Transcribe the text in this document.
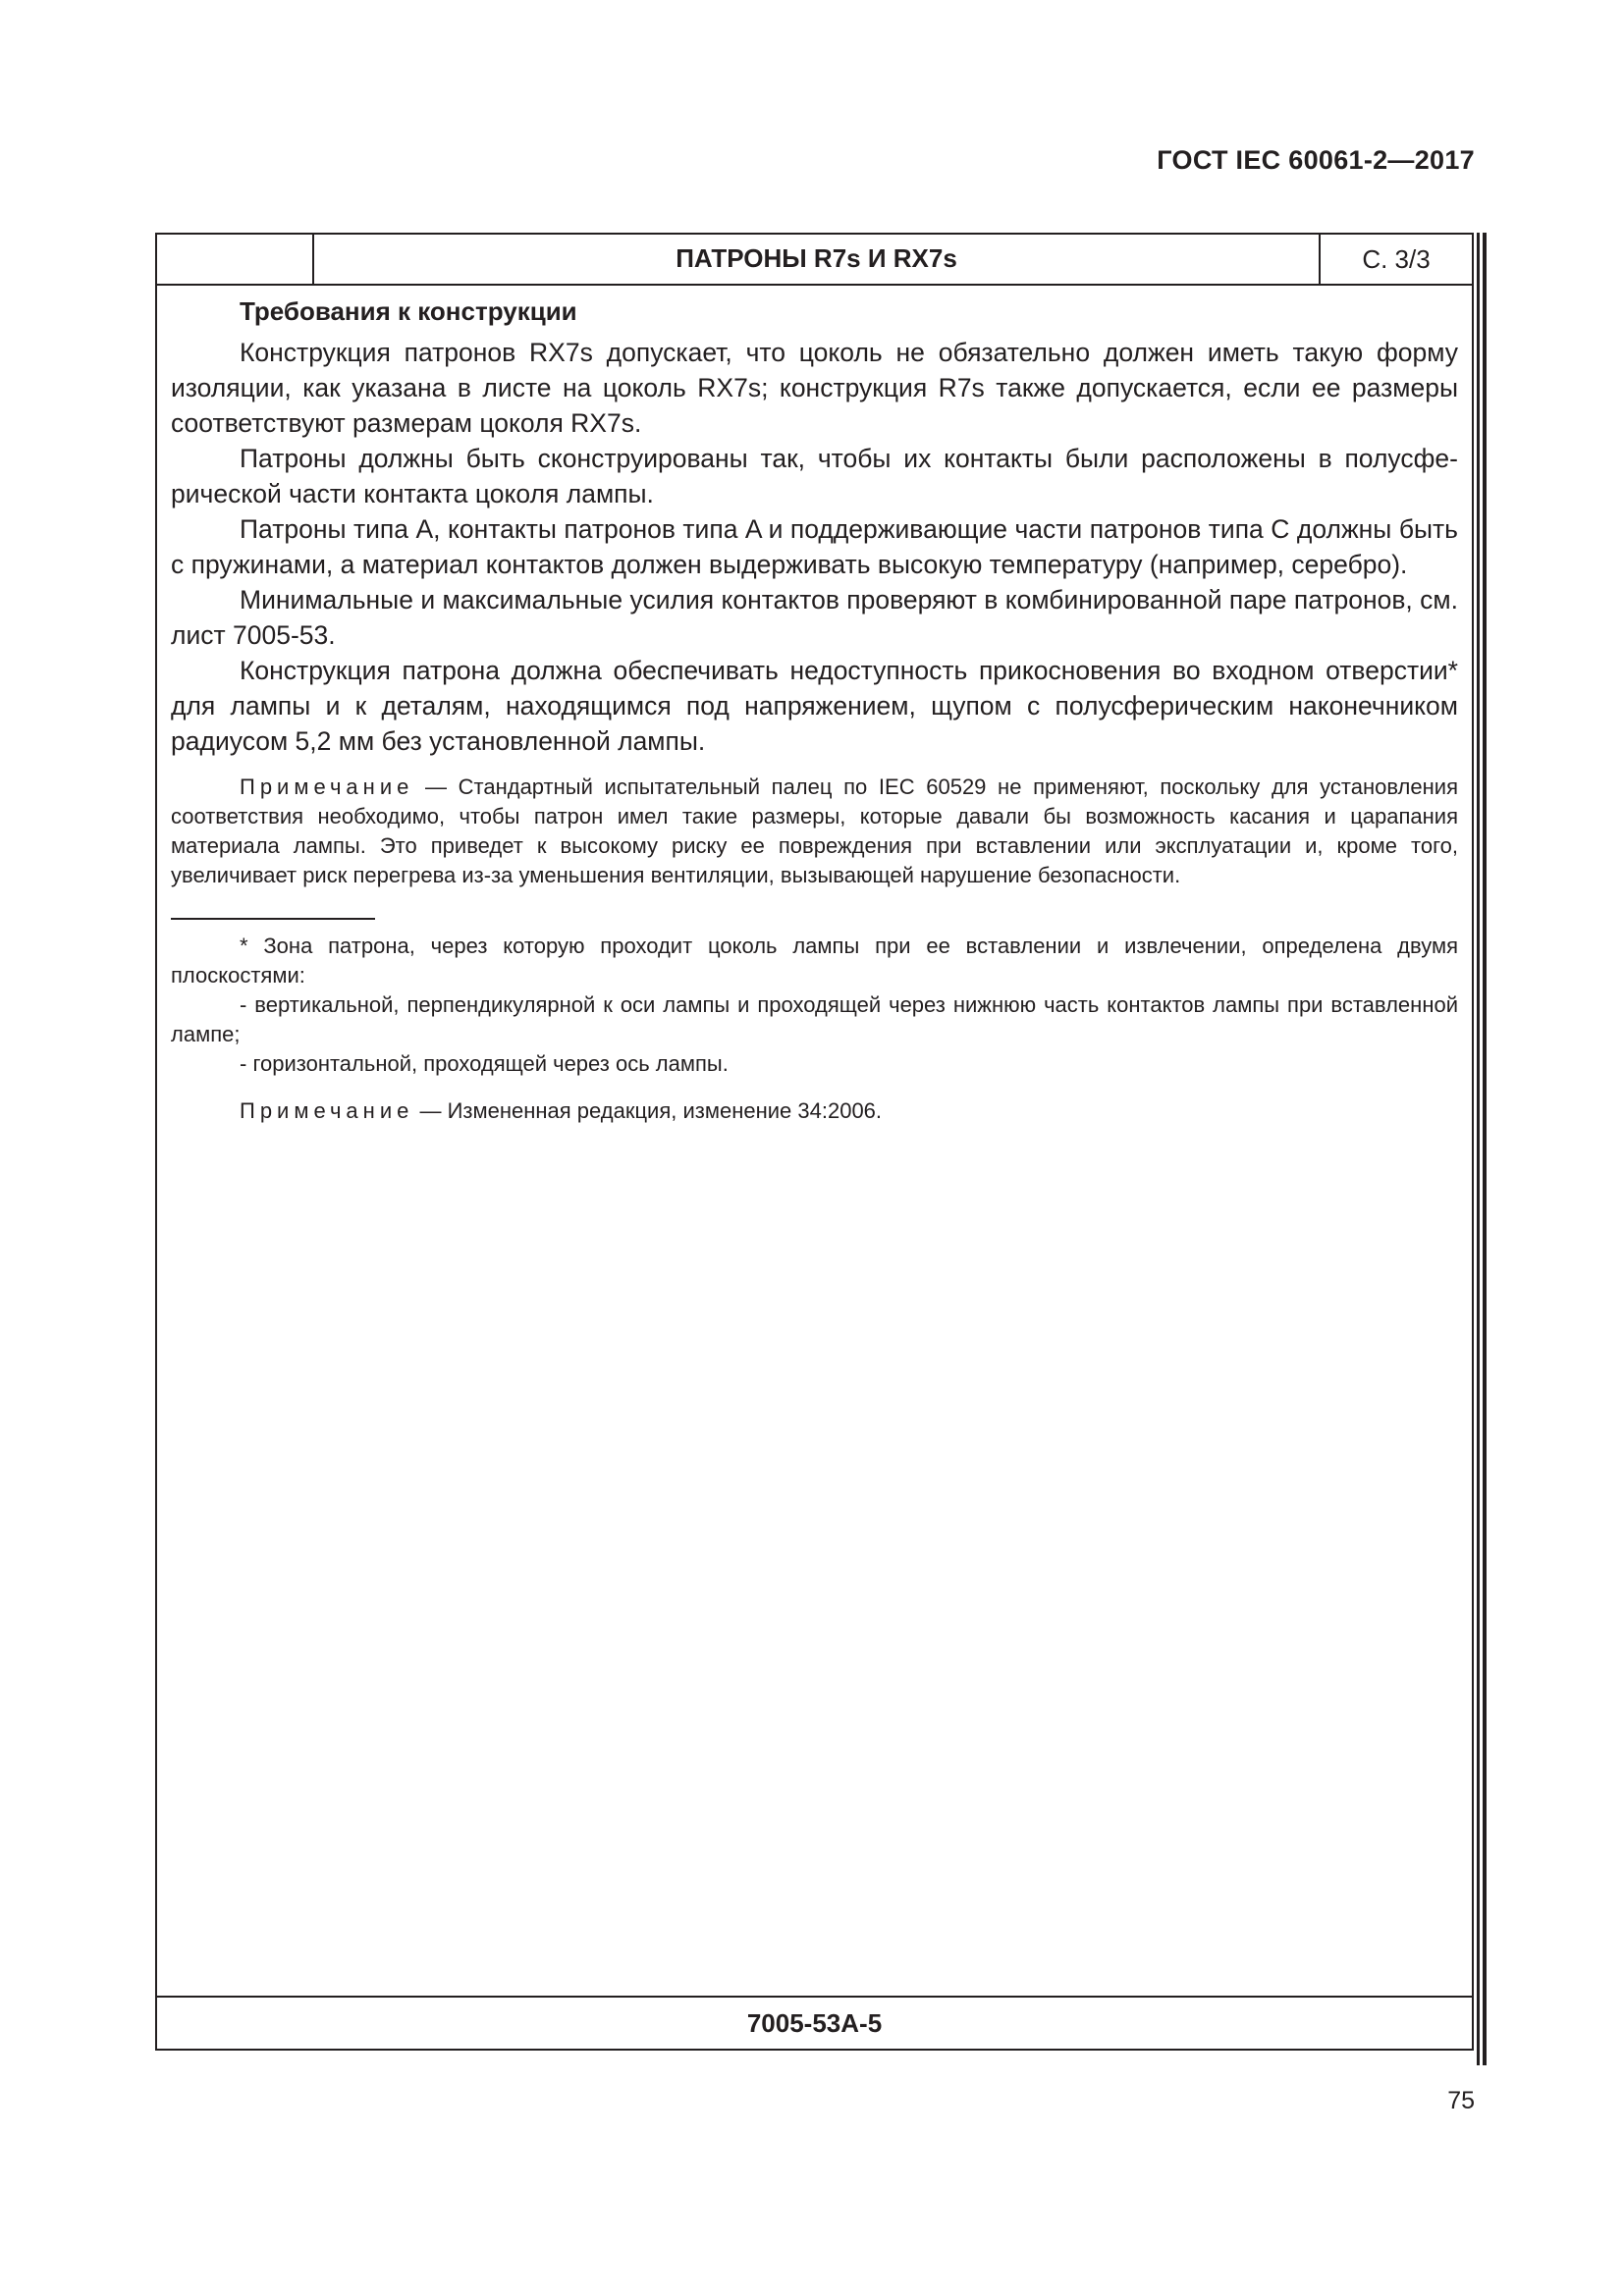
ГОСТ IEC 60061-2—2017
ПАТРОНЫ R7s И RX7s	С. 3/3

Требования к конструкции

Конструкция патронов RX7s допускает, что цоколь не обязательно должен иметь такую форму изоляции, как указана в листе на цоколь RX7s; конструкция R7s также допускается, если ее размеры соответствуют размерам цоколя RX7s.

Патроны должны быть сконструированы так, чтобы их контакты были расположены в полусферической части контакта цоколя лампы.

Патроны типа A, контакты патронов типа A и поддерживающие части патронов типа C должны быть с пружинами, а материал контактов должен выдерживать высокую температуру (например, серебро).

Минимальные и максимальные усилия контактов проверяют в комбинированной паре патронов, см. лист 7005-53.

Конструкция патрона должна обеспечивать недоступность прикосновения во входном отверстии* для лампы и к деталям, находящимся под напряжением, щупом с полусферическим наконечником радиусом 5,2 мм без установленной лампы.

Примечание — Стандартный испытательный палец по IEC 60529 не применяют, поскольку для установления соответствия необходимо, чтобы патрон имел такие размеры, которые давали бы возможность касания и царапания материала лампы. Это приведет к высокому риску ее повреждения при вставлении или эксплуатации и, кроме того, увеличивает риск перегрева из-за уменьшения вентиляции, вызывающей нарушение безопасности.

* Зона патрона, через которую проходит цоколь лампы при ее вставлении и извлечении, определена двумя плоскостями:

- вертикальной, перпендикулярной к оси лампы и проходящей через нижнюю часть контактов лампы при вставленной лампе;

- горизонтальной, проходящей через ось лампы.

Примечание — Измененная редакция, изменение 34:2006.

7005-53A-5
75
